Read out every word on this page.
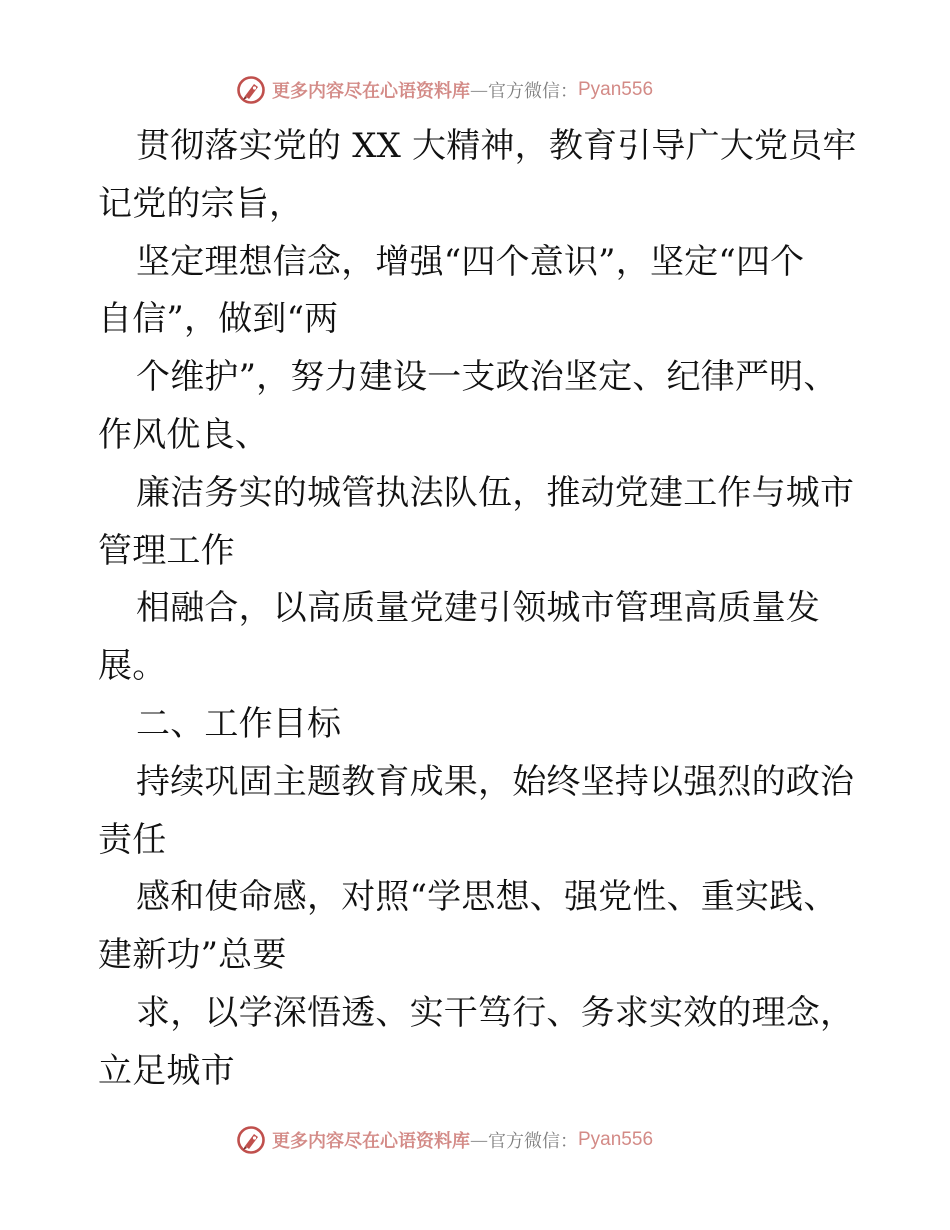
更多内容尽在心语资料库 — 官方微信： Pyan556
贯彻落实党的 XX 大精神，教育引导广大党员牢
记党的宗旨，
坚定理想信念，增强“四个意识”，坚定“四个
自信”，做到“两
个维护”，努力建设一支政治坚定、纪律严明、
作风优良、
廉洁务实的城管执法队伍，推动党建工作与城市
管理工作
相融合，以高质量党建引领城市管理高质量发
展。
二、工作目标
持续巩固主题教育成果，始终坚持以强烈的政治
责任
感和使命感，对照“学思想、强党性、重实践、
建新功”总要
求，以学深悟透、实干笃行、务求实效的理念，
立足城市
更多内容尽在心语资料库 — 官方微信： Pyan556
